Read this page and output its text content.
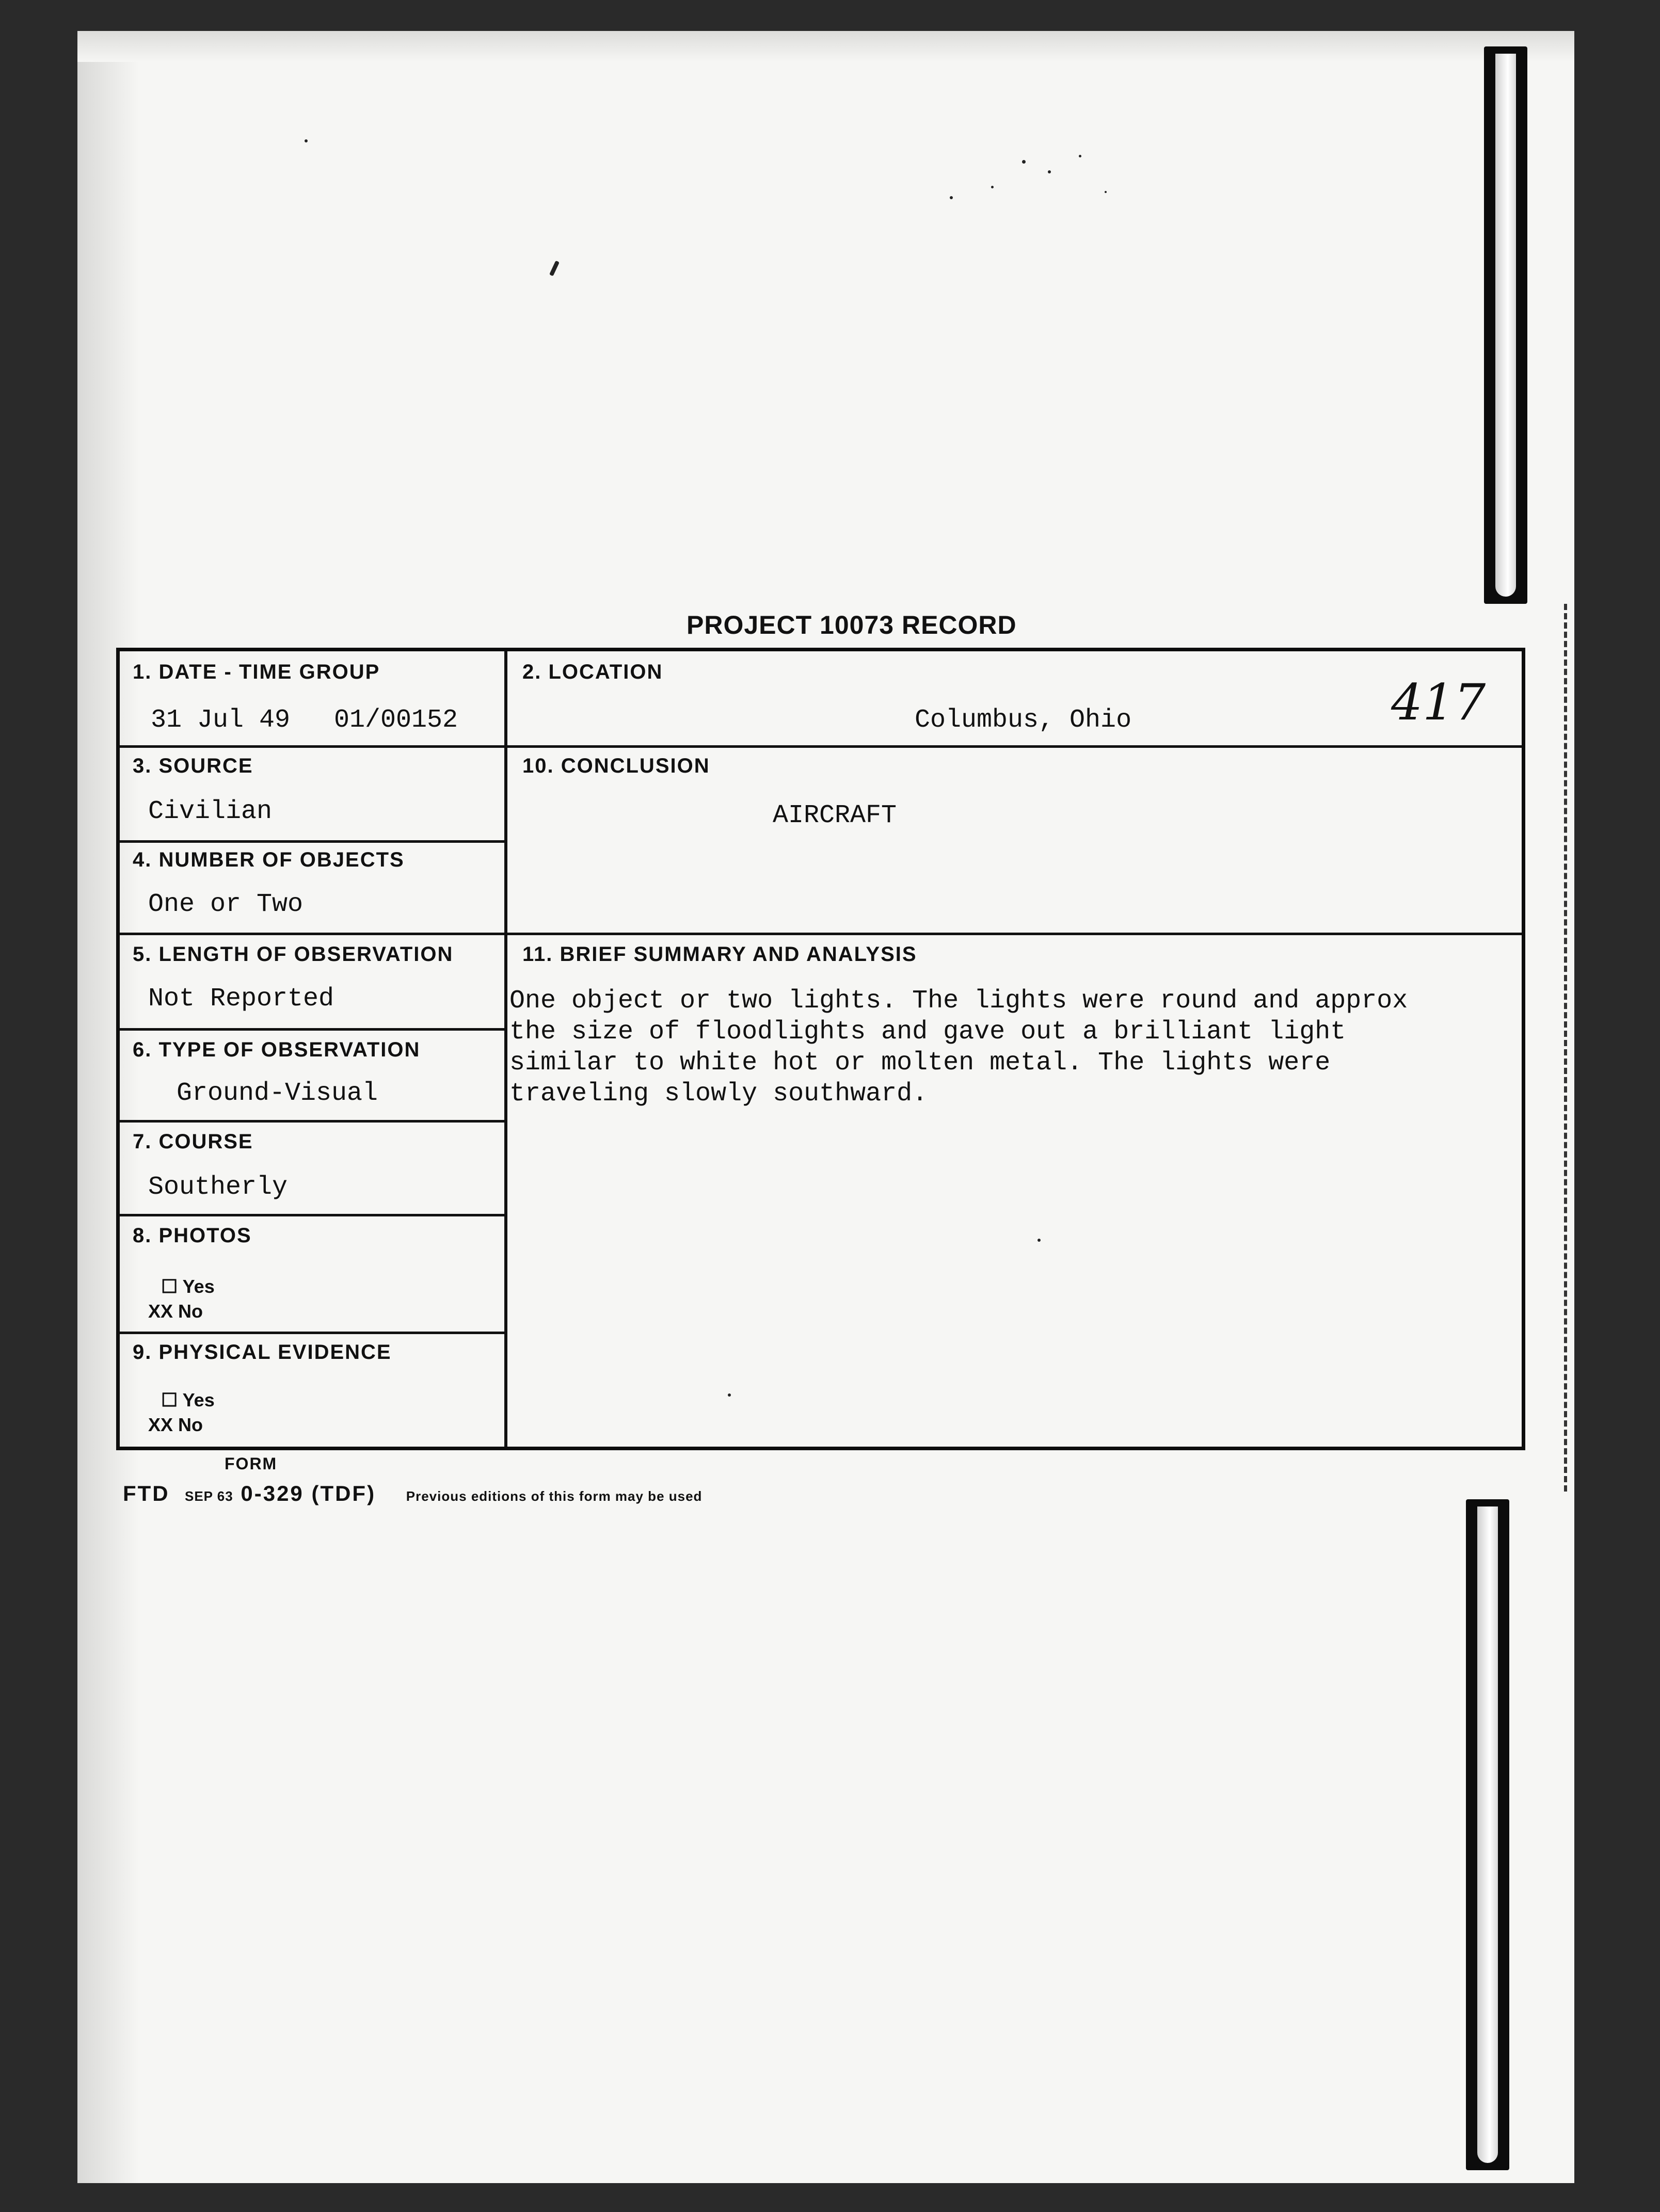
PROJECT 10073 RECORD
417
1. DATE - TIME GROUP
31 Jul 49 01/00152
2. LOCATION
Columbus, Ohio
3. SOURCE
Civilian
10. CONCLUSION
AIRCRAFT
4. NUMBER OF OBJECTS
One or Two
5. LENGTH OF OBSERVATION
Not Reported
11. BRIEF SUMMARY AND ANALYSIS

One object or two lights. The lights were round and approx
the size of floodlights and gave out a brilliant light
similar to white hot or molten metal. The lights were
traveling slowly southward.

6. TYPE OF OBSERVATION
Ground-Visual
7. COURSE
Southerly
8. PHOTOS
☐ Yes
XX No
9. PHYSICAL EVIDENCE
☐ Yes
XX No
FORM
FTD SEP 63 0-329 (TDF) Previous editions of this form may be used
